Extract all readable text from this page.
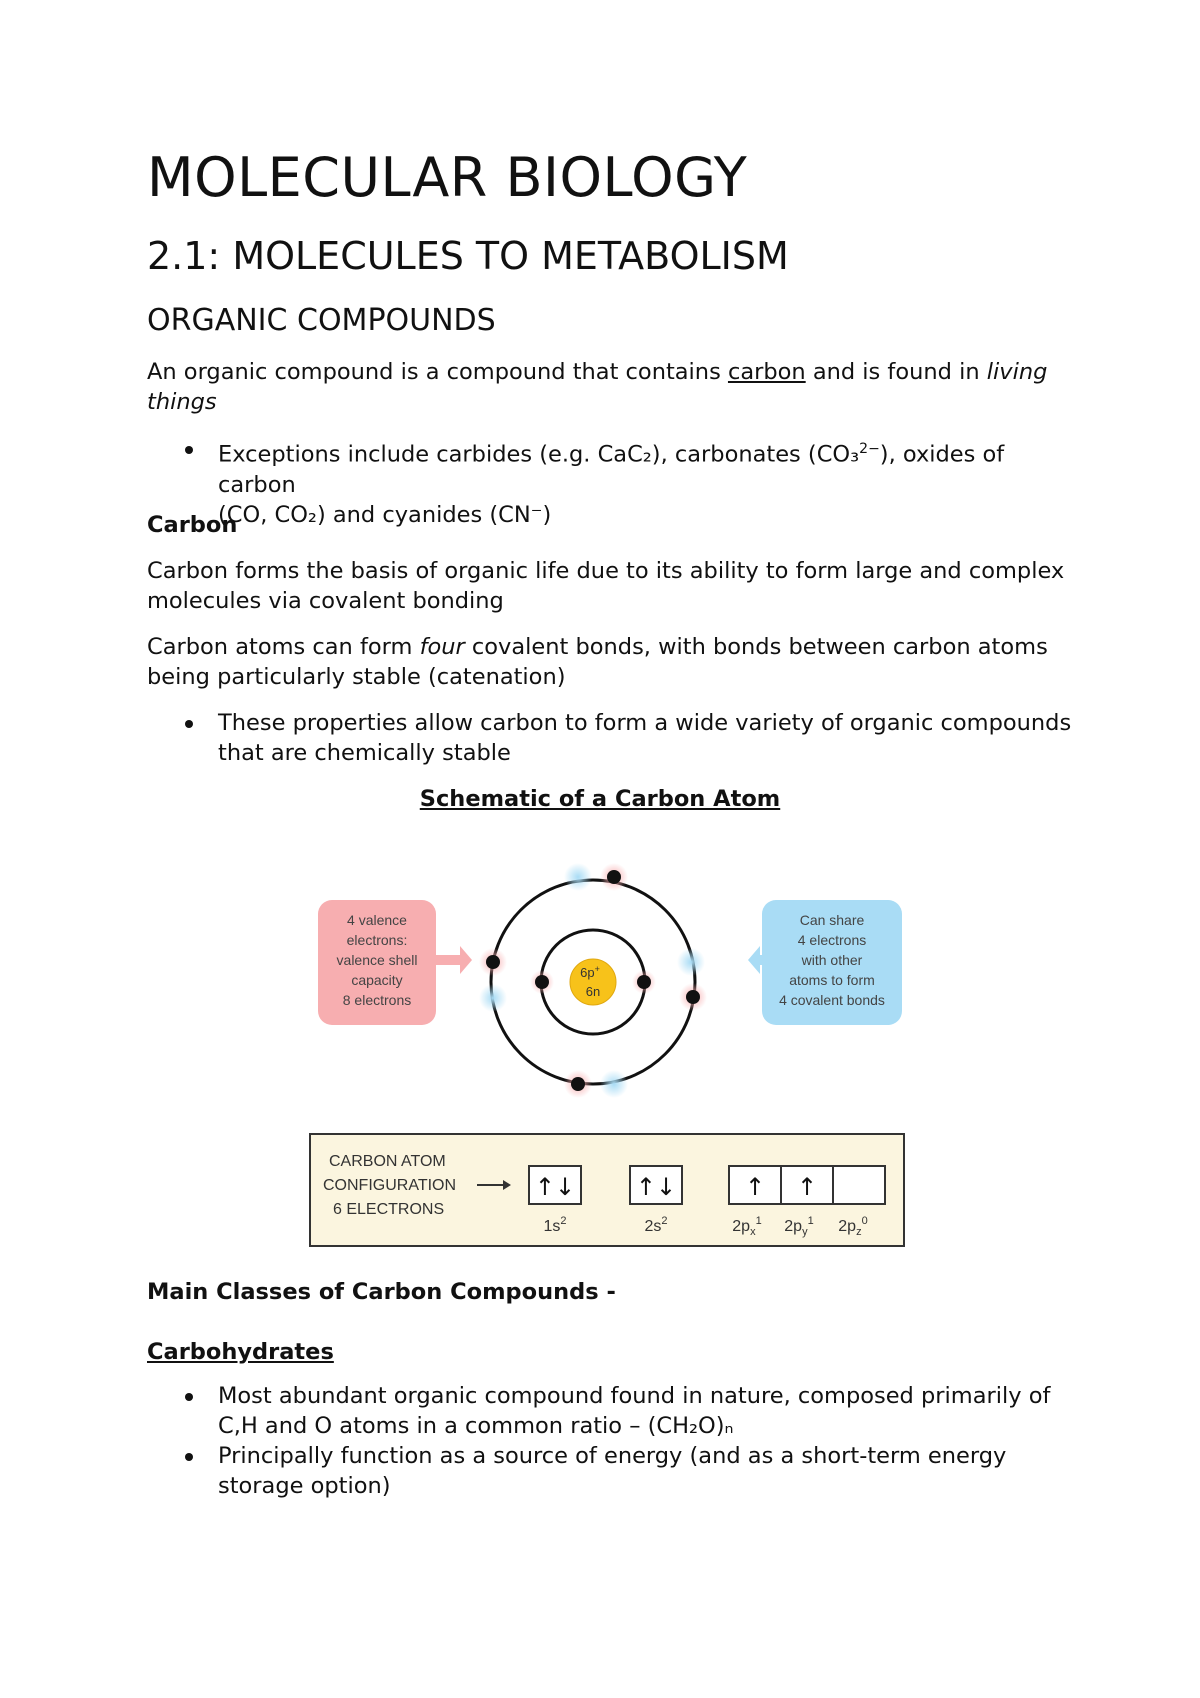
MOLECULAR BIOLOGY
2.1: MOLECULES TO METABOLISM
ORGANIC COMPOUNDS
An organic compound is a compound that contains carbon and is found in living things
Exceptions include carbides (e.g. CaC₂), carbonates (CO₃$^{2-}$), oxides of carbon
(CO, CO₂) and cyanides (CN⁻)
Carbon
Carbon forms the basis of organic life due to its ability to form large and complex molecules via covalent bonding
Carbon atoms can form four covalent bonds, with bonds between carbon atoms being particularly stable (catenation)
These properties allow carbon to form a wide variety of organic compounds that are chemically stable
Schematic of a Carbon Atom
4 valence
electrons:
valence shell
capacity
8 electrons
6p+
6n
Can share
4 electrons
with other
atoms to form
4 covalent bonds
CARBON ATOM
CONFIGURATION
6 ELECTRONS
↑↓
$1s^2$
↑↓
$2s^2$
↑ ↑
$2p_x^1$ $2p_y^1$ $2p_z^0$
Main Classes of Carbon Compounds -
Carbohydrates
Most abundant organic compound found in nature, composed primarily of C,H and O atoms in a common ratio – (CH₂O)ₙ
Principally function as a source of energy (and as a short-term energy storage option)
